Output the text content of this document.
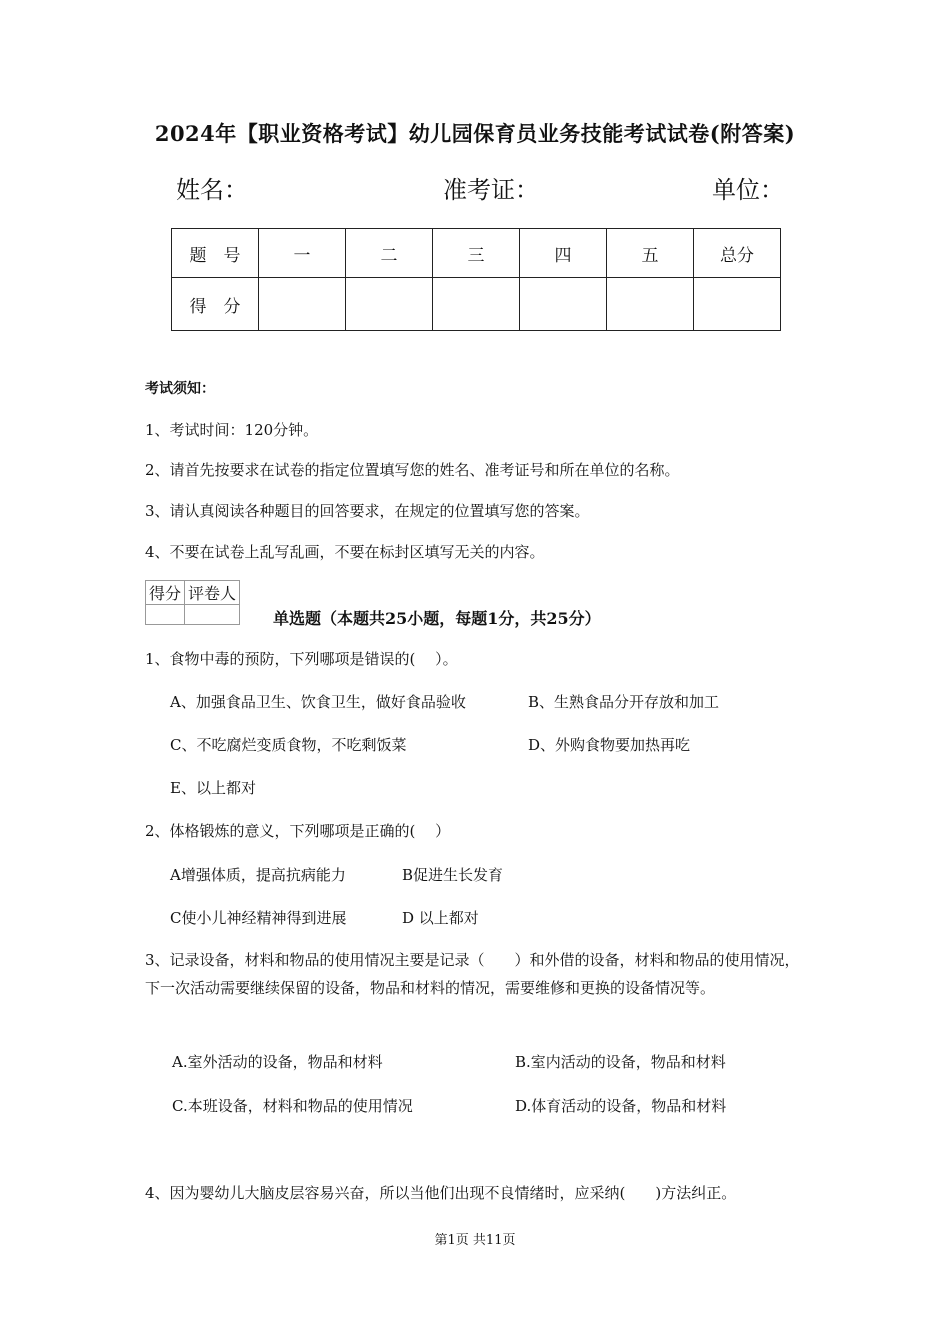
2024年【职业资格考试】幼儿园保育员业务技能考试试卷(附答案)
姓名：	准考证：	单位：
题　号	一	二	三	四	五	总分
得　分						
考试须知：
1、考试时间：120分钟。
2、请首先按要求在试卷的指定位置填写您的姓名、准考证号和所在单位的名称。
3、请认真阅读各种题目的回答要求，在规定的位置填写您的答案。
4、不要在试卷上乱写乱画，不要在标封区填写无关的内容。
得分	评卷人

单选题（本题共25小题，每题1分，共25分）
1、食物中毒的预防，下列哪项是错误的(　 ）。
A、加强食品卫生、饮食卫生，做好食品验收	B、生熟食品分开存放和加工
C、不吃腐烂变质食物，不吃剩饭菜	D、外购食物要加热再吃
E、以上都对
2、体格锻炼的意义，下列哪项是正确的(　 ）
A增强体质，提高抗病能力	B促进生长发育
C使小儿神经精神得到进展	D 以上都对
3、记录设备，材料和物品的使用情况主要是记录（　　）和外借的设备，材料和物品的使用情况，下一次活动需要继续保留的设备，物品和材料的情况，需要维修和更换的设备情况等。
A.室外活动的设备，物品和材料	B.室内活动的设备，物品和材料
C.本班设备，材料和物品的使用情况	D.体育活动的设备，物品和材料
4、因为婴幼儿大脑皮层容易兴奋，所以当他们出现不良情绪时，应采纳(　　)方法纠正。
第1页 共11页
